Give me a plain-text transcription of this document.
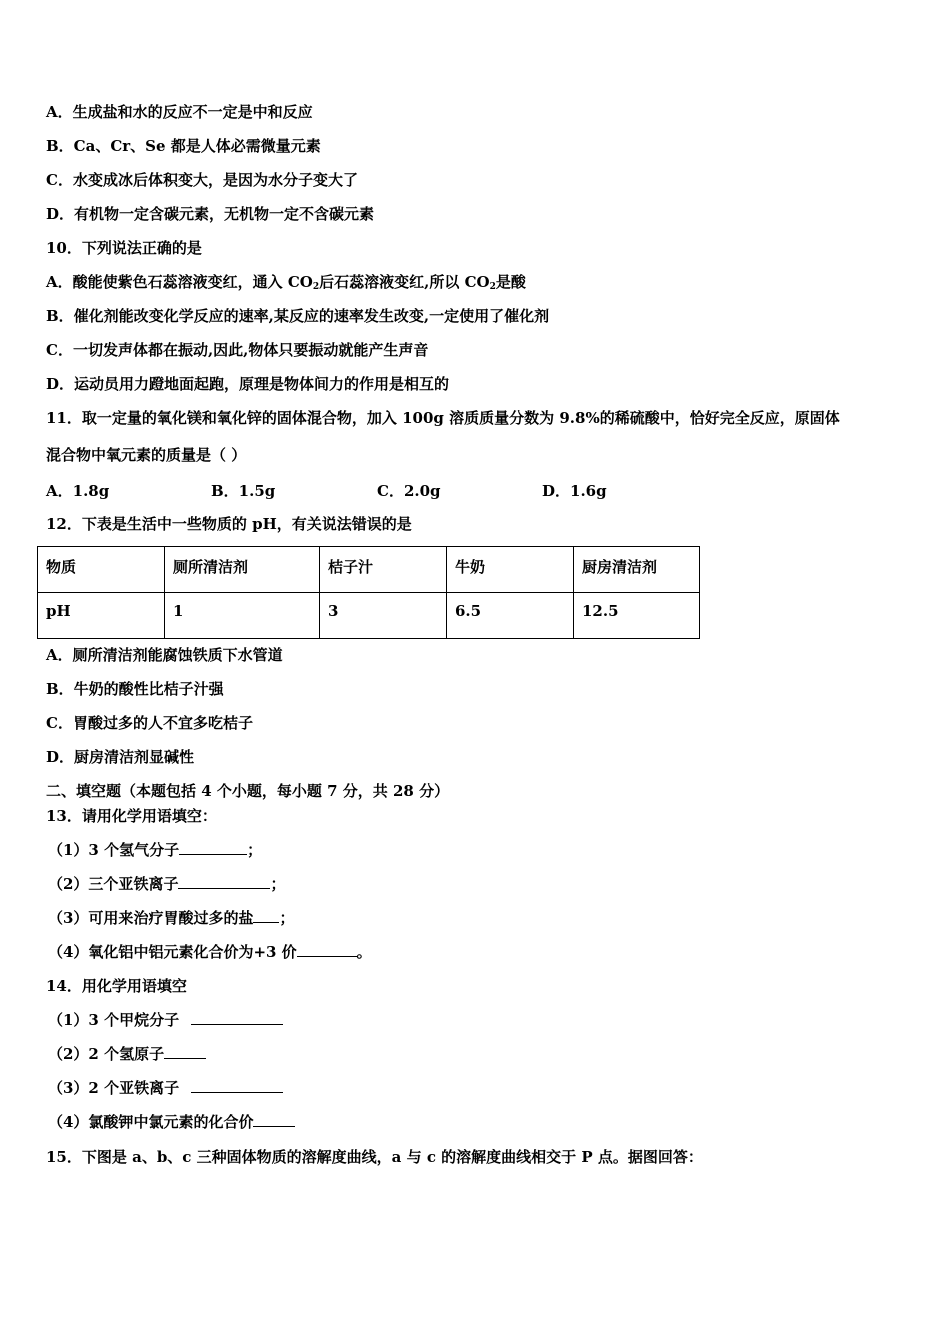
A．生成盐和水的反应不一定是中和反应
B．Ca、Cr、Se 都是人体必需微量元素
C．水变成冰后体积变大，是因为水分子变大了
D．有机物一定含碳元素，无机物一定不含碳元素
10．下列说法正确的是
A．酸能使紫色石蕊溶液变红，通入 $CO_2$后石蕊溶液变红,所以 $CO_2$是酸
B．催化剂能改变化学反应的速率,某反应的速率发生改变,一定使用了催化剂
C．一切发声体都在振动,因此,物体只要振动就能产生声音
D．运动员用力蹬地面起跑，原理是物体间力的作用是相互的
11．取一定量的氧化镁和氧化锌的固体混合物，加入 100g 溶质质量分数为 9.8%的稀硫酸中，恰好完全反应，原固体
混合物中氧元素的质量是（ ）
A．1.8g	B．1.5g	C．2.0g	D．1.6g
12．下表是生活中一些物质的 pH，有关说法错误的是
物质	厕所清洁剂	桔子汁	牛奶	厨房清洁剂

pH	1	3	6.5	12.5
A．厕所清洁剂能腐蚀铁质下水管道
B．牛奶的酸性比桔子汁强
C．胃酸过多的人不宜多吃桔子
D．厨房清洁剂显碱性
二、填空题（本题包括 4 个小题，每小题 7 分，共 28 分）
13．请用化学用语填空：
（1）3 个氢气分子	；
（2）三个亚铁离子	；
（3）可用来治疗胃酸过多的盐 ；
（4）氧化铝中铝元素化合价为+3 价	。
14．用化学用语填空
（1）3 个甲烷分子
（2）2 个氢原子
（3）2 个亚铁离子
（4）氯酸钾中氯元素的化合价
15．下图是 a、b、c 三种固体物质的溶解度曲线，a 与 c 的溶解度曲线相交于 P 点。据图回答：
